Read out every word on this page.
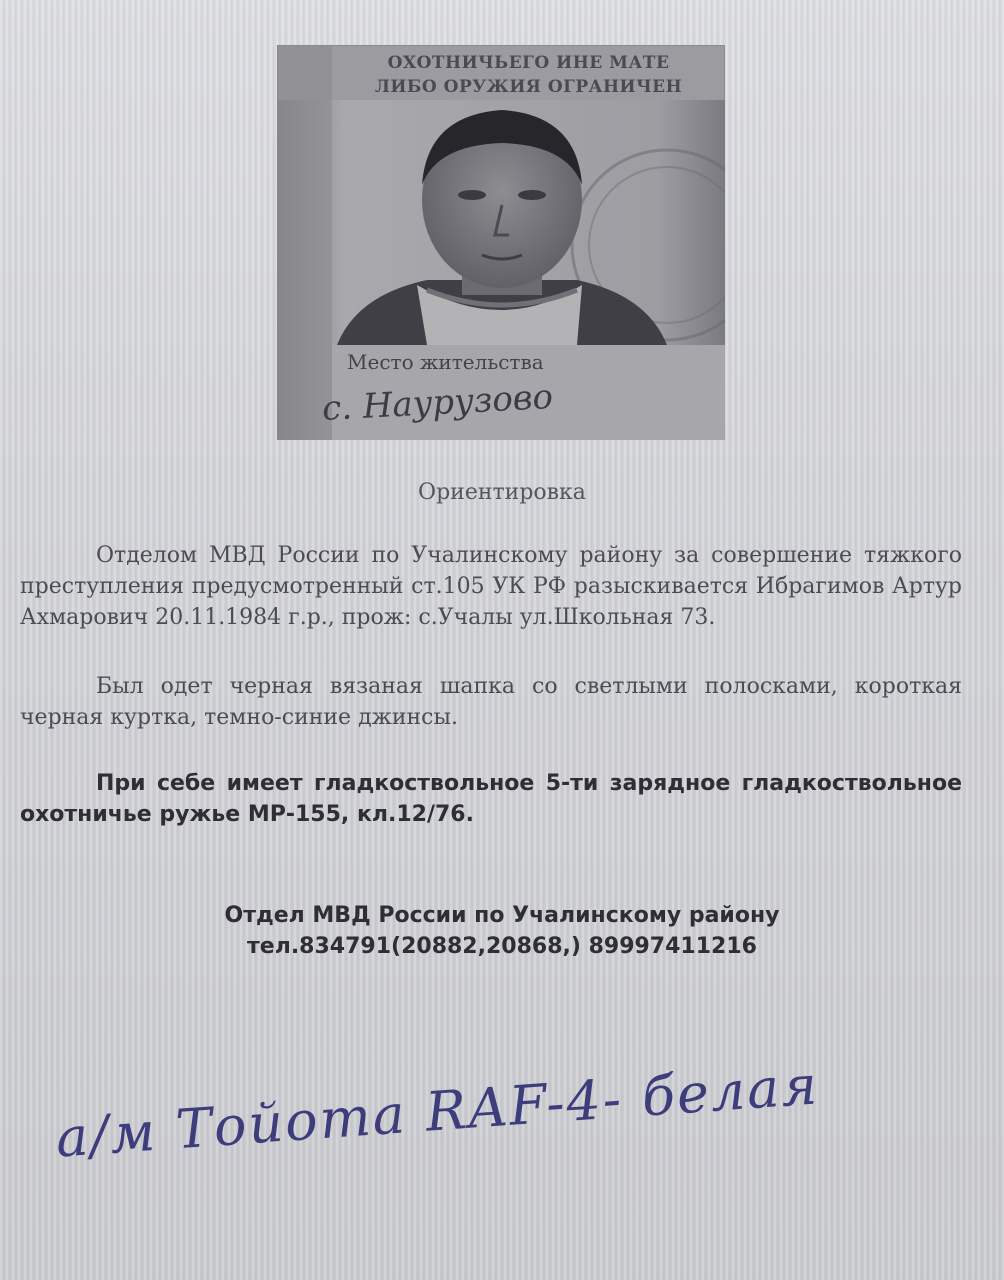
ОХОТНИЧЬЕГО ИНЕ МАТЕ
ЛИБО ОРУЖИЯ ОГРАНИЧЕН
Место жительства
с. Наурузово
Ориентировка
Отделом МВД России по Учалинскому району за совершение тяжкого преступления предусмотренный ст.105 УК РФ разыскивается Ибрагимов Артур Ахмарович 20.11.1984 г.р., прож: с.Учалы ул.Школьная 73.
Был одет черная вязаная шапка со светлыми полосками, короткая черная куртка, темно-синие джинсы.
При себе имеет гладкоствольное 5-ти зарядное гладкоствольное охотничье ружье МР-155, кл.12/76.
Отдел МВД России по Учалинскому району
тел.834791(20882,20868,) 89997411216
а/м Тойота RAF-4- белая
